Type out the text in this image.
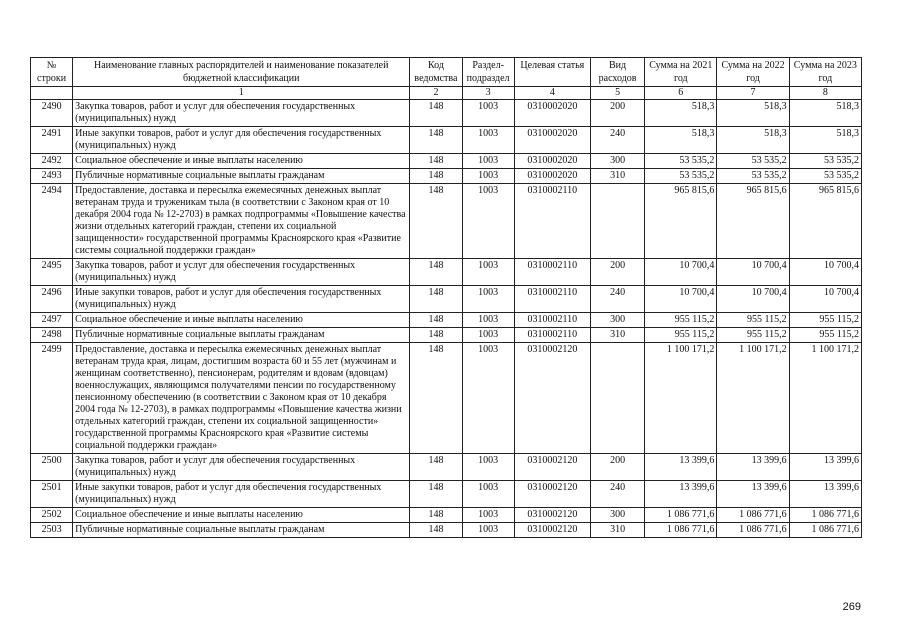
№ строки	Наименование главных распорядителей и наименование показателей бюджетной классификации	Код ведомства	Раздел-подраздел	Целевая статья	Вид расходов	Сумма на 2021 год	Сумма на 2022 год	Сумма на 2023 год
	1	2	3	4	5	6	7	8
2490	Закупка товаров, работ и услуг для обеспечения государственных (муниципальных) нужд	148	1003	0310002020	200	518,3	518,3	518,3
2491	Иные закупки товаров, работ и услуг для обеспечения государственных (муниципальных) нужд	148	1003	0310002020	240	518,3	518,3	518,3
2492	Социальное обеспечение и иные выплаты населению	148	1003	0310002020	300	53 535,2	53 535,2	53 535,2
2493	Публичные нормативные социальные выплаты гражданам	148	1003	0310002020	310	53 535,2	53 535,2	53 535,2
2494	Предоставление, доставка и пересылка ежемесячных денежных выплат ветеранам труда и труженикам тыла (в соответствии с Законом края от 10 декабря 2004 года № 12-2703) в рамках подпрограммы «Повышение качества жизни отдельных категорий граждан, степени их социальной защищенности» государственной программы Красноярского края «Развитие системы социальной поддержки граждан»	148	1003	0310002110		965 815,6	965 815,6	965 815,6
2495	Закупка товаров, работ и услуг для обеспечения государственных (муниципальных) нужд	148	1003	0310002110	200	10 700,4	10 700,4	10 700,4
2496	Иные закупки товаров, работ и услуг для обеспечения государственных (муниципальных) нужд	148	1003	0310002110	240	10 700,4	10 700,4	10 700,4
2497	Социальное обеспечение и иные выплаты населению	148	1003	0310002110	300	955 115,2	955 115,2	955 115,2
2498	Публичные нормативные социальные выплаты гражданам	148	1003	0310002110	310	955 115,2	955 115,2	955 115,2
2499	Предоставление, доставка и пересылка ежемесячных денежных выплат ветеранам труда края, лицам, достигшим возраста 60 и 55 лет (мужчинам и женщинам соответственно), пенсионерам, родителям и вдовам (вдовцам) военнослужащих, являющимся получателями пенсии по государственному пенсионному обеспечению (в соответствии с Законом края от 10 декабря 2004 года № 12-2703), в рамках подпрограммы «Повышение качества жизни отдельных категорий граждан, степени их социальной защищенности» государственной программы Красноярского края «Развитие системы социальной поддержки граждан»	148	1003	0310002120		1 100 171,2	1 100 171,2	1 100 171,2
2500	Закупка товаров, работ и услуг для обеспечения государственных (муниципальных) нужд	148	1003	0310002120	200	13 399,6	13 399,6	13 399,6
2501	Иные закупки товаров, работ и услуг для обеспечения государственных (муниципальных) нужд	148	1003	0310002120	240	13 399,6	13 399,6	13 399,6
2502	Социальное обеспечение и иные выплаты населению	148	1003	0310002120	300	1 086 771,6	1 086 771,6	1 086 771,6
2503	Публичные нормативные социальные выплаты гражданам	148	1003	0310002120	310	1 086 771,6	1 086 771,6	1 086 771,6
269
